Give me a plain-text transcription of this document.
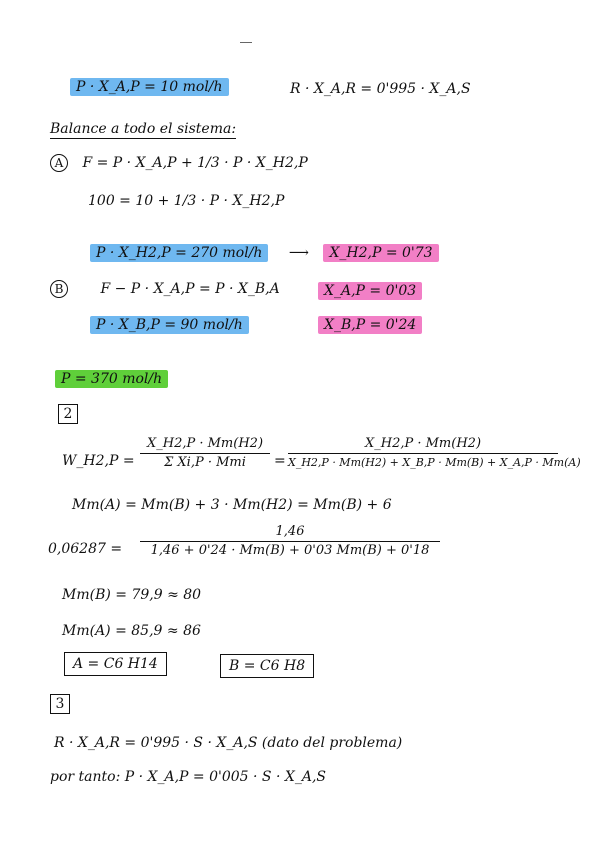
P · X_A,P = 10 mol/h	R · X_A,R = 0'995 · X_A,S
Balance a todo el sistema:
A F = P · X_A,P + 1/3 · P · X_H2,P
100 = 10 + 1/3 · P · X_H2,P
P · X_H2,P = 270 mol/h ⟶ X_H2,P = 0'73
B	F − P · X_A,P = P · X_B,A	X_A,P = 0'03
P · X_B,P = 90 mol/h	X_B,P = 0'24
P = 370 mol/h
2
W_H2,P =
X_H2,P · Mm(H2)
Σ Xi,P · Mmi	=
X_H2,P · Mm(H2)
X_H2,P · Mm(H2) + X_B,P · Mm(B) + X_A,P · Mm(A)
Mm(A) = Mm(B) + 3 · Mm(H2) = Mm(B) + 6
0,06287 =
1,46
1,46 + 0'24 · Mm(B) + 0'03 Mm(B) + 0'18
Mm(B) = 79,9 ≈ 80
Mm(A) = 85,9 ≈ 86
A = C6 H14	B = C6 H8
3
R · X_A,R = 0'995 · S · X_A,S (dato del problema)
por tanto: P · X_A,P = 0'005 · S · X_A,S
